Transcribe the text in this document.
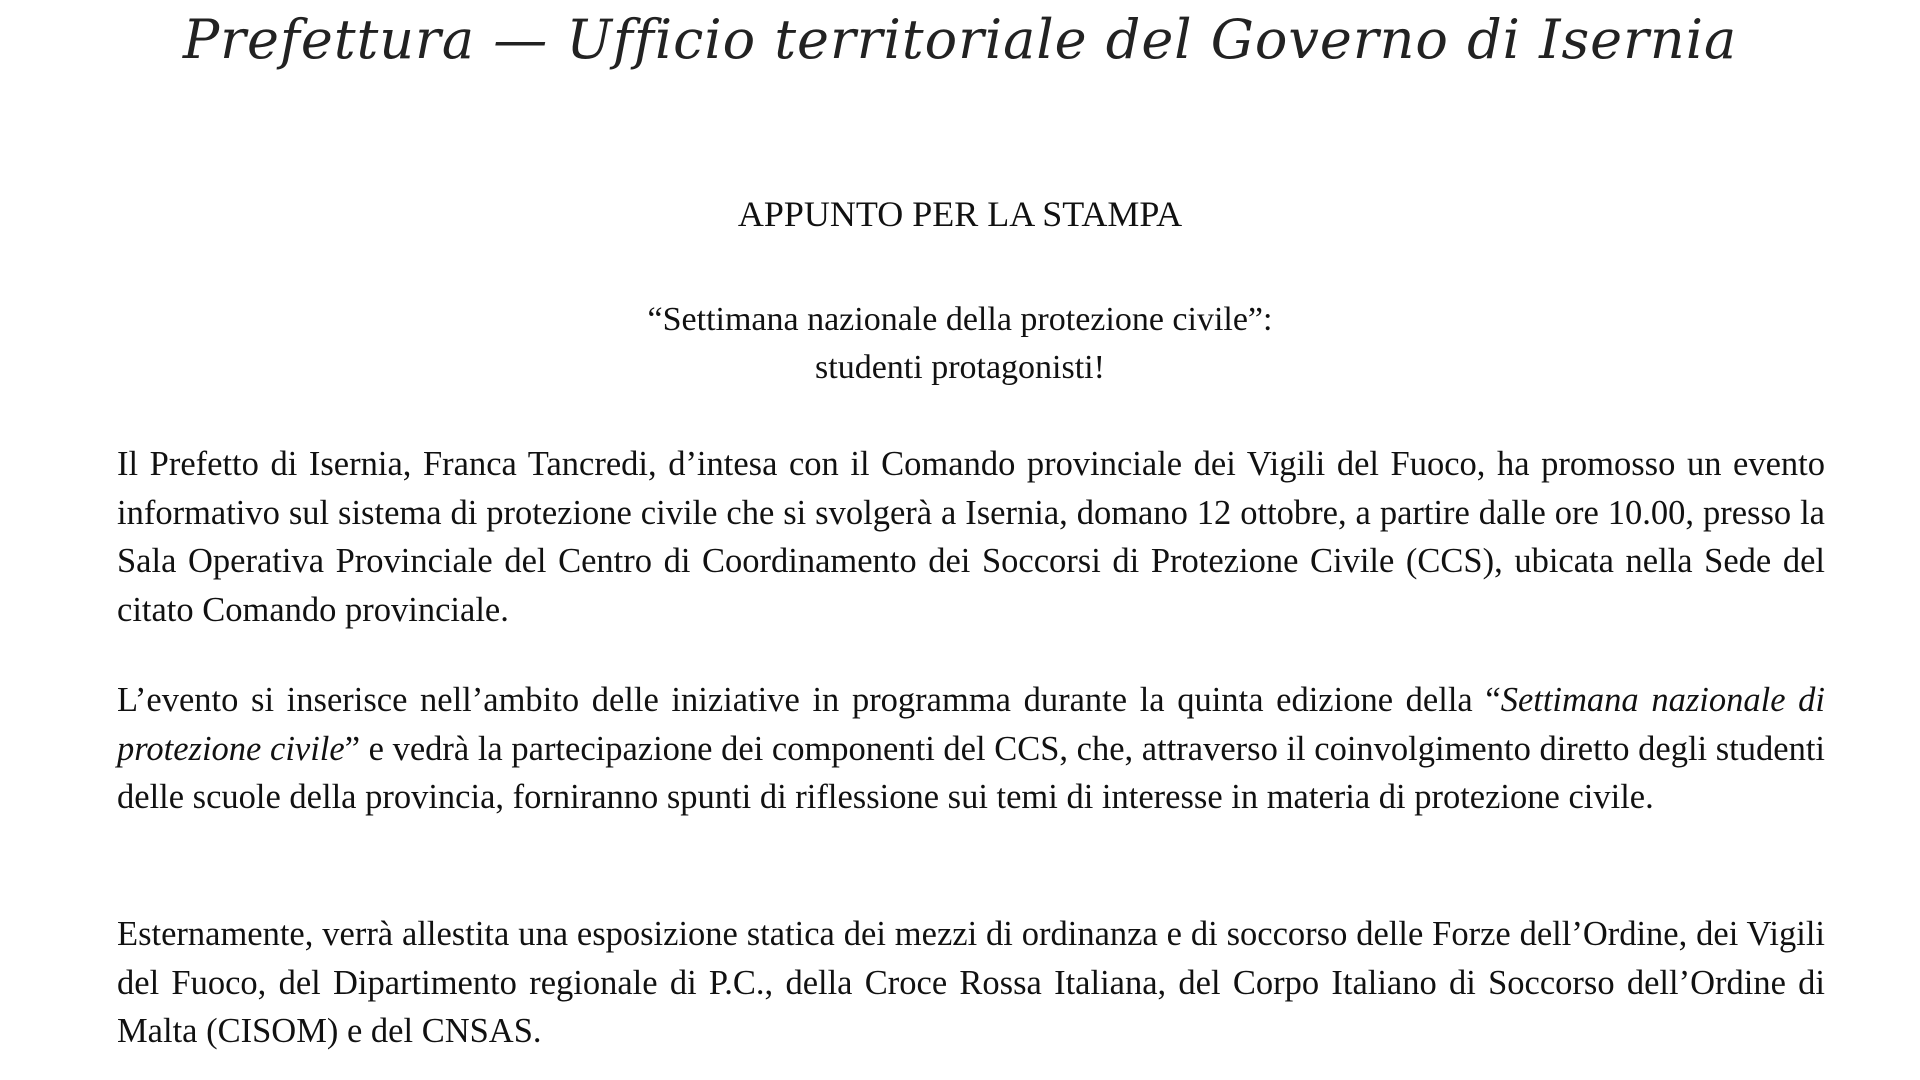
Prefettura — Ufficio territoriale del Governo di Isernia
APPUNTO PER LA STAMPA
“Settimana nazionale della protezione civile”:
studenti protagonisti!

Il Prefetto di Isernia, Franca Tancredi, d’intesa con il Comando provinciale dei Vigili del Fuoco, ha promosso un evento informativo sul sistema di protezione civile che si svolgerà a Isernia, domano 12 ottobre, a partire dalle ore 10.00, presso la Sala Operativa Provinciale del Centro di Coordinamento dei Soccorsi di Protezione Civile (CCS), ubicata nella Sede del citato Comando provinciale.

L’evento si inserisce nell’ambito delle iniziative in programma durante la quinta edizione della “Settimana nazionale di protezione civile” e vedrà la partecipazione dei componenti del CCS, che, attraverso il coinvolgimento diretto degli studenti delle scuole della provincia, forniranno spunti di riflessione sui temi di interesse in materia di protezione civile.

Esternamente, verrà allestita una esposizione statica dei mezzi di ordinanza e di soccorso delle Forze dell’Ordine, dei Vigili del Fuoco, del Dipartimento regionale di P.C., della Croce Rossa Italiana, del Corpo Italiano di Soccorso dell’Ordine di Malta (CISOM) e del CNSAS.
